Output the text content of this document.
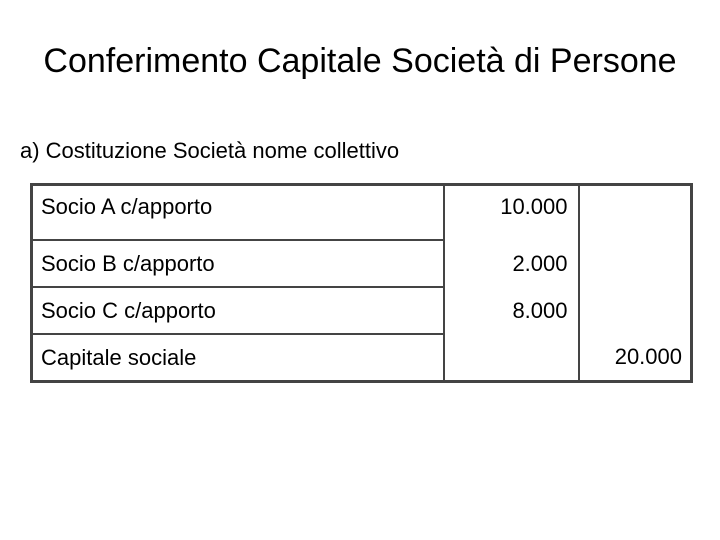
Conferimento Capitale Società di Persone
a) Costituzione Società nome collettivo
Socio A c/apporto	10.000	
Socio B c/apporto	2.000	
Socio C c/apporto	8.000	
Capitale sociale		20.000
